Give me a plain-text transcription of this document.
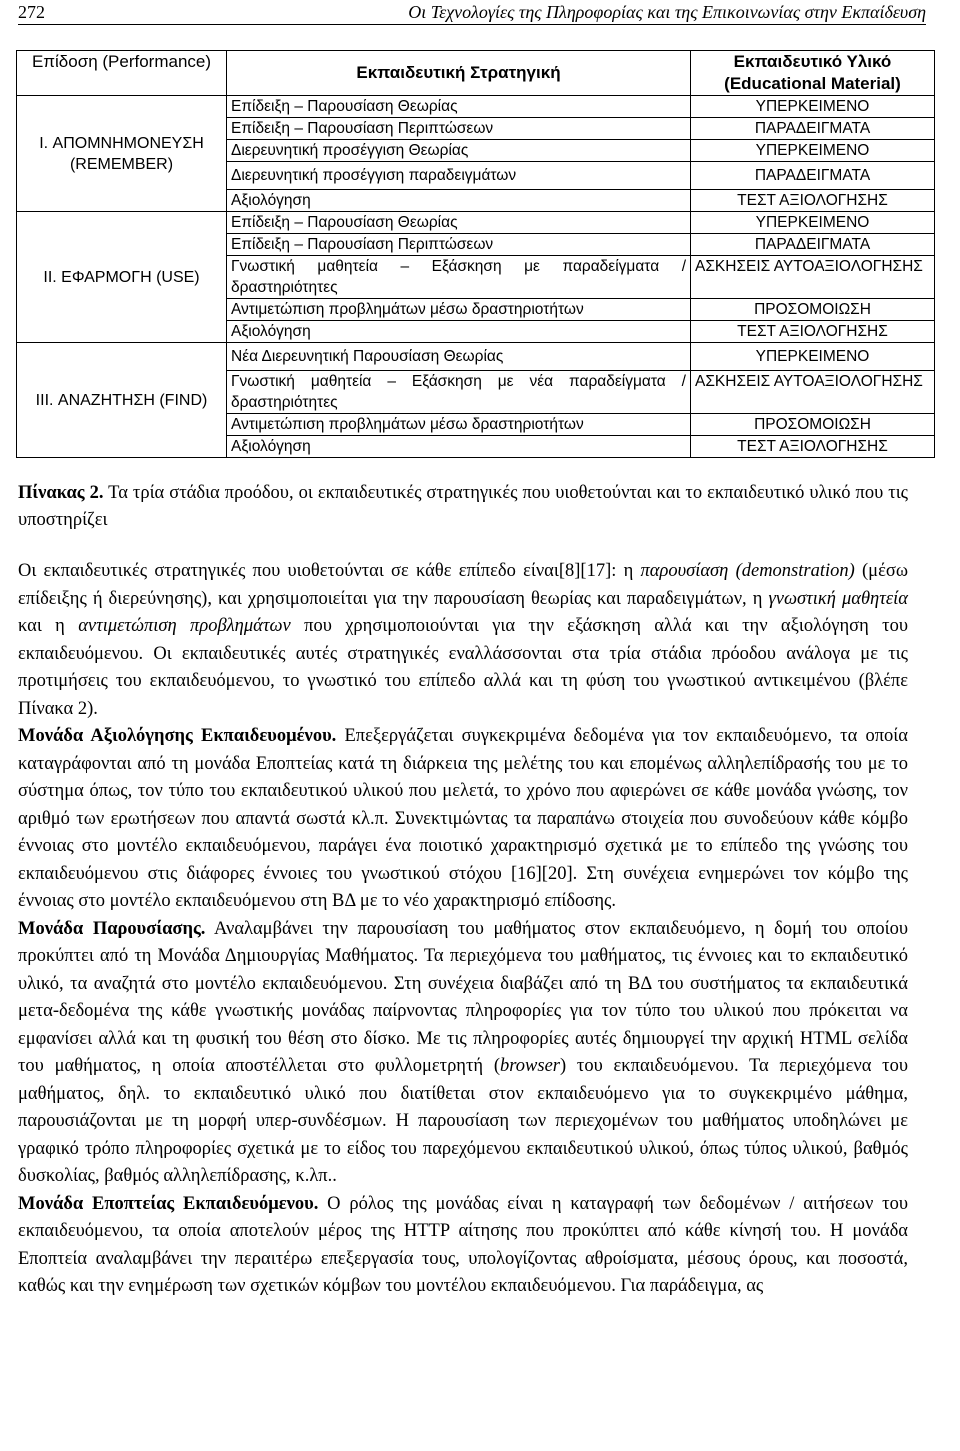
272	Οι Τεχνολογίες της Πληροφορίας και της Επικοινωνίας στην Εκπαίδευση
Επίδοση (Performance)	Εκπαιδευτική Στρατηγική	Εκπαιδευτικό Υλικό (Educational Material)
I. ΑΠΟΜΝΗΜΟΝΕΥΣΗ (REMEMBER)	Επίδειξη – Παρουσίαση Θεωρίας	ΥΠΕΡΚΕΙΜΕΝΟ
	Επίδειξη – Παρουσίαση Περιπτώσεων	ΠΑΡΑΔΕΙΓΜΑΤΑ
	Διερευνητική προσέγγιση Θεωρίας	ΥΠΕΡΚΕΙΜΕΝΟ
	Διερευνητική προσέγγιση παραδειγμάτων	ΠΑΡΑΔΕΙΓΜΑΤΑ
	Αξιολόγηση	ΤΕΣΤ ΑΞΙΟΛΟΓΗΣΗΣ
II. ΕΦΑΡΜΟΓΗ (USE)	Επίδειξη – Παρουσίαση Θεωρίας	ΥΠΕΡΚΕΙΜΕΝΟ
	Επίδειξη – Παρουσίαση Περιπτώσεων	ΠΑΡΑΔΕΙΓΜΑΤΑ
	Γνωστική μαθητεία – Εξάσκηση με παραδείγματα / δραστηριότητες	ΑΣΚΗΣΕΙΣ ΑΥΤΟΑΞΙΟΛΟΓΗΣΗΣ
	Αντιμετώπιση προβλημάτων μέσω δραστηριοτήτων	ΠΡΟΣΟΜΟΙΩΣΗ
	Αξιολόγηση	ΤΕΣΤ ΑΞΙΟΛΟΓΗΣΗΣ
III. ΑΝΑΖΗΤΗΣΗ (FIND)	Νέα Διερευνητική Παρουσίαση Θεωρίας	ΥΠΕΡΚΕΙΜΕΝΟ
	Γνωστική μαθητεία – Εξάσκηση με νέα παραδείγματα / δραστηριότητες	ΑΣΚΗΣΕΙΣ ΑΥΤΟΑΞΙΟΛΟΓΗΣΗΣ
	Αντιμετώπιση προβλημάτων μέσω δραστηριοτήτων	ΠΡΟΣΟΜΟΙΩΣΗ
	Αξιολόγηση	ΤΕΣΤ ΑΞΙΟΛΟΓΗΣΗΣ
Πίνακας 2. Τα τρία στάδια προόδου, οι εκπαιδευτικές στρατηγικές που υιοθετούνται και το εκπαιδευτικό υλικό που τις υποστηρίζει

Οι εκπαιδευτικές στρατηγικές που υιοθετούνται σε κάθε επίπεδο είναι[8][17]: η παρουσίαση (demonstration) (μέσω επίδειξης ή διερεύνησης), και χρησιμοποιείται για την παρουσίαση θεωρίας και παραδειγμάτων, η γνωστική μαθητεία και η αντιμετώπιση προβλημάτων που χρησιμοποιούνται για την εξάσκηση αλλά και την αξιολόγηση του εκπαιδευόμενου. Οι εκπαιδευτικές αυτές στρατηγικές εναλλάσσονται στα τρία στάδια πρόοδου ανάλογα με τις προτιμήσεις του εκπαιδευόμενου, το γνωστικό του επίπεδο αλλά και τη φύση του γνωστικού αντικειμένου (βλέπε Πίνακα 2).

Μονάδα Αξιολόγησης Εκπαιδευομένου. Επεξεργάζεται συγκεκριμένα δεδομένα για τον εκπαιδευόμενο, τα οποία καταγράφονται από τη μονάδα Εποπτείας κατά τη διάρκεια της μελέτης του και επομένως αλληλεπίδρασής του με το σύστημα όπως, τον τύπο του εκπαιδευτικού υλικού που μελετά, το χρόνο που αφιερώνει σε κάθε μονάδα γνώσης, τον αριθμό των ερωτήσεων που απαντά σωστά κλ.π. Συνεκτιμώντας τα παραπάνω στοιχεία που συνοδεύουν κάθε κόμβο έννοιας στο μοντέλο εκπαιδευόμενου, παράγει ένα ποιοτικό χαρακτηρισμό σχετικά με το επίπεδο της γνώσης του εκπαιδευόμενου στις διάφορες έννοιες του γνωστικού στόχου [16][20]. Στη συνέχεια ενημερώνει τον κόμβο της έννοιας στο μοντέλο εκπαιδευόμενου στη ΒΔ με το νέο χαρακτηρισμό επίδοσης.

Μονάδα Παρουσίασης. Αναλαμβάνει την παρουσίαση του μαθήματος στον εκπαιδευόμενο, η δομή του οποίου προκύπτει από τη Μονάδα Δημιουργίας Μαθήματος. Τα περιεχόμενα του μαθήματος, τις έννοιες και το εκπαιδευτικό υλικό, τα αναζητά στο μοντέλο εκπαιδευόμενου. Στη συνέχεια διαβάζει από τη ΒΔ του συστήματος τα εκπαιδευτικά μετα-δεδομένα της κάθε γνωστικής μονάδας παίρνοντας πληροφορίες για τον τύπο του υλικού που πρόκειται να εμφανίσει αλλά και τη φυσική του θέση στο δίσκο. Με τις πληροφορίες αυτές δημιουργεί την αρχική HTML σελίδα του μαθήματος, η οποία αποστέλλεται στο φυλλομετρητή (browser) του εκπαιδευόμενου. Τα περιεχόμενα του μαθήματος, δηλ. το εκπαιδευτικό υλικό που διατίθεται στον εκπαιδευόμενο για το συγκεκριμένο μάθημα, παρουσιάζονται με τη μορφή υπερ-συνδέσμων. Η παρουσίαση των περιεχομένων του μαθήματος υποδηλώνει με γραφικό τρόπο πληροφορίες σχετικά με το είδος του παρεχόμενου εκπαιδευτικού υλικού, όπως τύπος υλικού, βαθμός δυσκολίας, βαθμός αλληλεπίδρασης, κ.λπ..

Μονάδα Εποπτείας Εκπαιδευόμενου. Ο ρόλος της μονάδας είναι η καταγραφή των δεδομένων / αιτήσεων του εκπαιδευόμενου, τα οποία αποτελούν μέρος της HTTP αίτησης που προκύπτει από κάθε κίνησή του. Η μονάδα Εποπτεία αναλαμβάνει την περαιτέρω επεξεργασία τους, υπολογίζοντας αθροίσματα, μέσους όρους, και ποσοστά, καθώς και την ενημέρωση των σχετικών κόμβων του μοντέλου εκπαιδευόμενου. Για παράδειγμα, ας
